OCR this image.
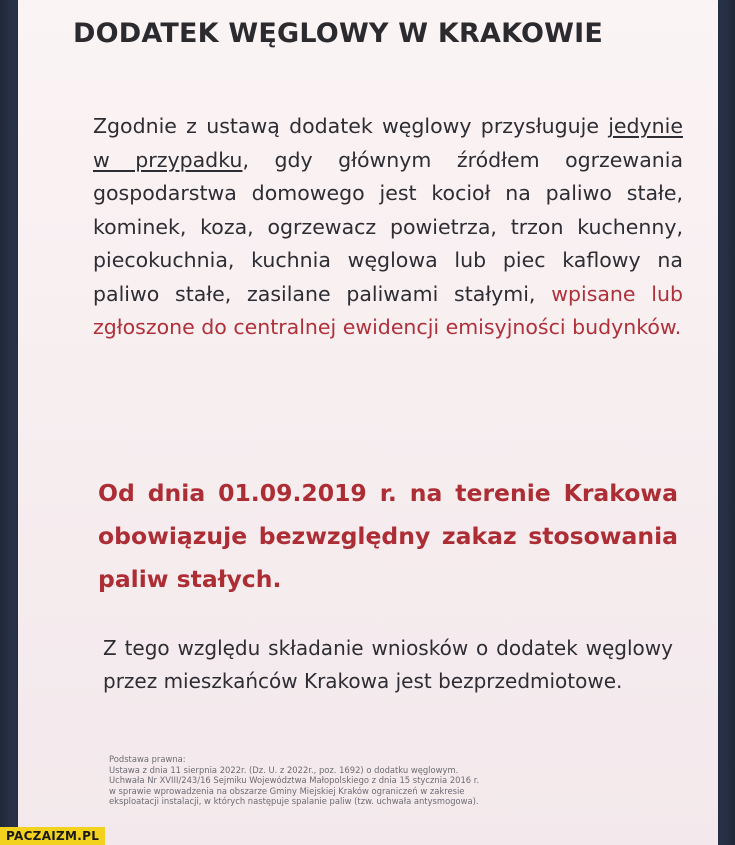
DODATEK WĘGLOWY W KRAKOWIE

Zgodnie z ustawą dodatek węglowy przysługuje jedynie w przypadku, gdy głównym źródłem ogrzewania gospodarstwa domowego jest kocioł na paliwo stałe, kominek, koza, ogrzewacz powietrza, trzon kuchenny, piecokuchnia, kuchnia węglowa lub piec kaflowy na paliwo stałe, zasilane paliwami stałymi, wpisane lub zgłoszone do centralnej ewidencji emisyjności budynków.

Od dnia 01.09.2019 r. na terenie Krakowa obowiązuje bezwzględny zakaz stosowania paliw stałych.

Z tego względu składanie wniosków o dodatek węglowy przez mieszkańców Krakowa jest bezprzedmiotowe.

Podstawa prawna:
Ustawa z dnia 11 sierpnia 2022r. (Dz. U. z 2022r., poz. 1692) o dodatku węglowym.
Uchwała Nr XVIII/243/16 Sejmiku Województwa Małopolskiego z dnia 15 stycznia 2016 r.
w sprawie wprowadzenia na obszarze Gminy Miejskiej Kraków ograniczeń w zakresie
eksploatacji instalacji, w których następuje spalanie paliw (tzw. uchwała antysmogowa).
PACZAIZM.PL
